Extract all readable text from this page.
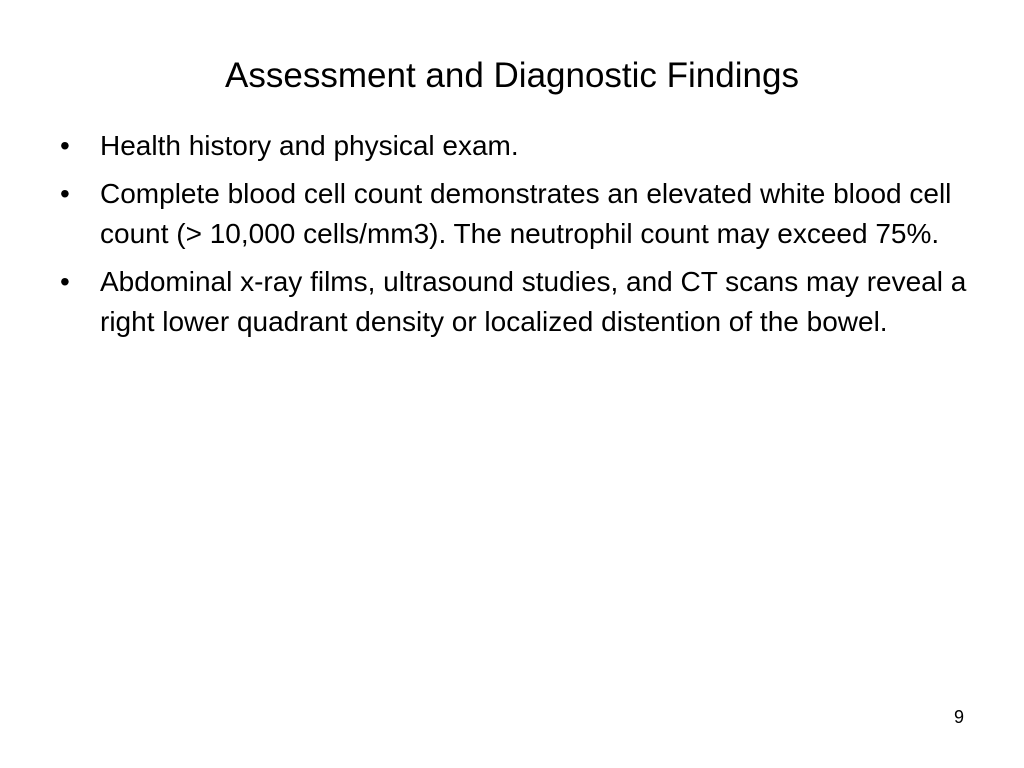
Assessment and Diagnostic Findings
•	Health history and physical exam.
•	Complete blood cell count demonstrates an elevated white blood cell count (> 10,000 cells/mm3). The neutrophil count may exceed 75%.
•	Abdominal x-ray films, ultrasound studies, and CT scans may reveal a right lower quadrant density or localized distention of the bowel.
9
